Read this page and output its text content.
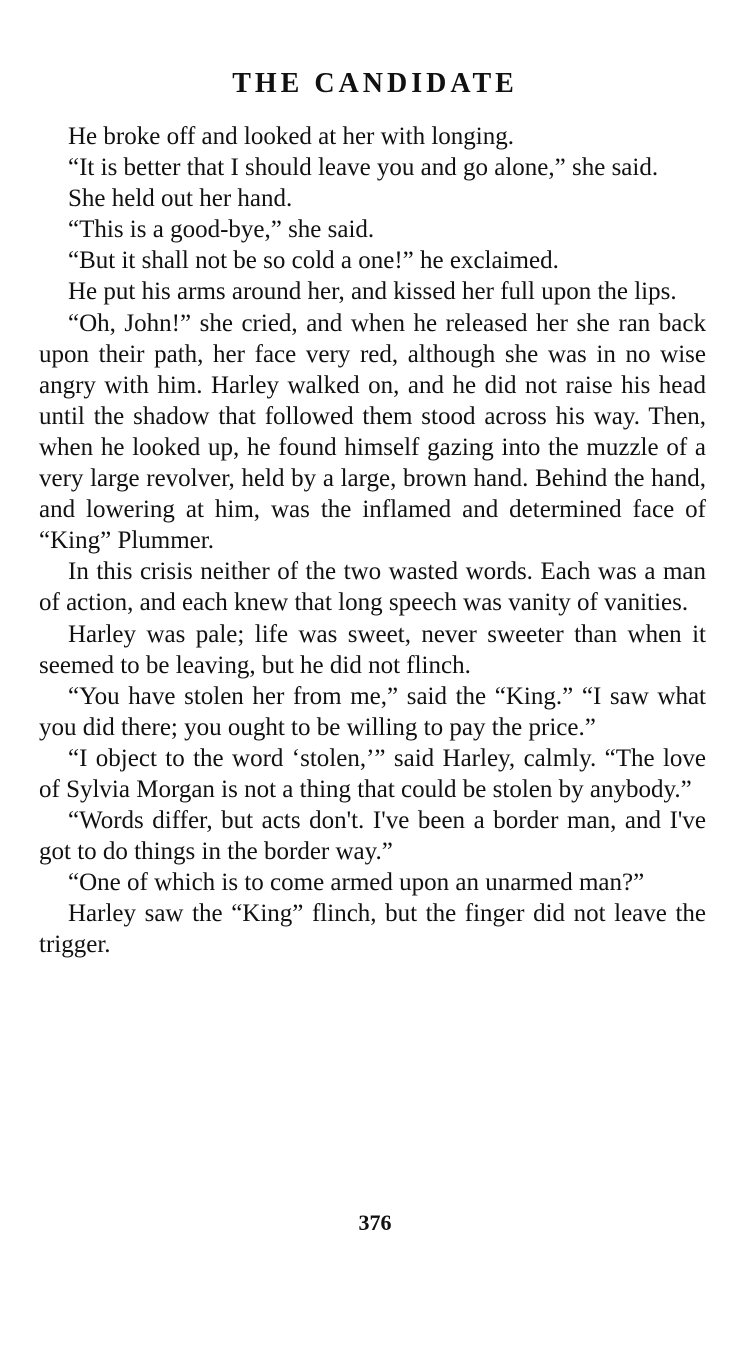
THE CANDIDATE

He broke off and looked at her with longing.

“It is better that I should leave you and go alone,” she said.

She held out her hand.

“This is a good-bye,” she said.

“But it shall not be so cold a one!” he exclaimed.

He put his arms around her, and kissed her full upon the lips.

“Oh, John!” she cried, and when he released her she ran back upon their path, her face very red, although she was in no wise angry with him. Harley walked on, and he did not raise his head until the shadow that followed them stood across his way. Then, when he looked up, he found himself gazing into the muzzle of a very large revolver, held by a large, brown hand. Behind the hand, and lowering at him, was the inflamed and determined face of “King” Plummer.

In this crisis neither of the two wasted words. Each was a man of action, and each knew that long speech was vanity of vanities.

Harley was pale; life was sweet, never sweeter than when it seemed to be leaving, but he did not flinch.

“You have stolen her from me,” said the “King.” “I saw what you did there; you ought to be willing to pay the price.”

“I object to the word ‘stolen,’” said Harley, calmly. “The love of Sylvia Morgan is not a thing that could be stolen by anybody.”

“Words differ, but acts don't. I've been a border man, and I've got to do things in the border way.”

“One of which is to come armed upon an unarmed man?”

Harley saw the “King” flinch, but the finger did not leave the trigger.

376
